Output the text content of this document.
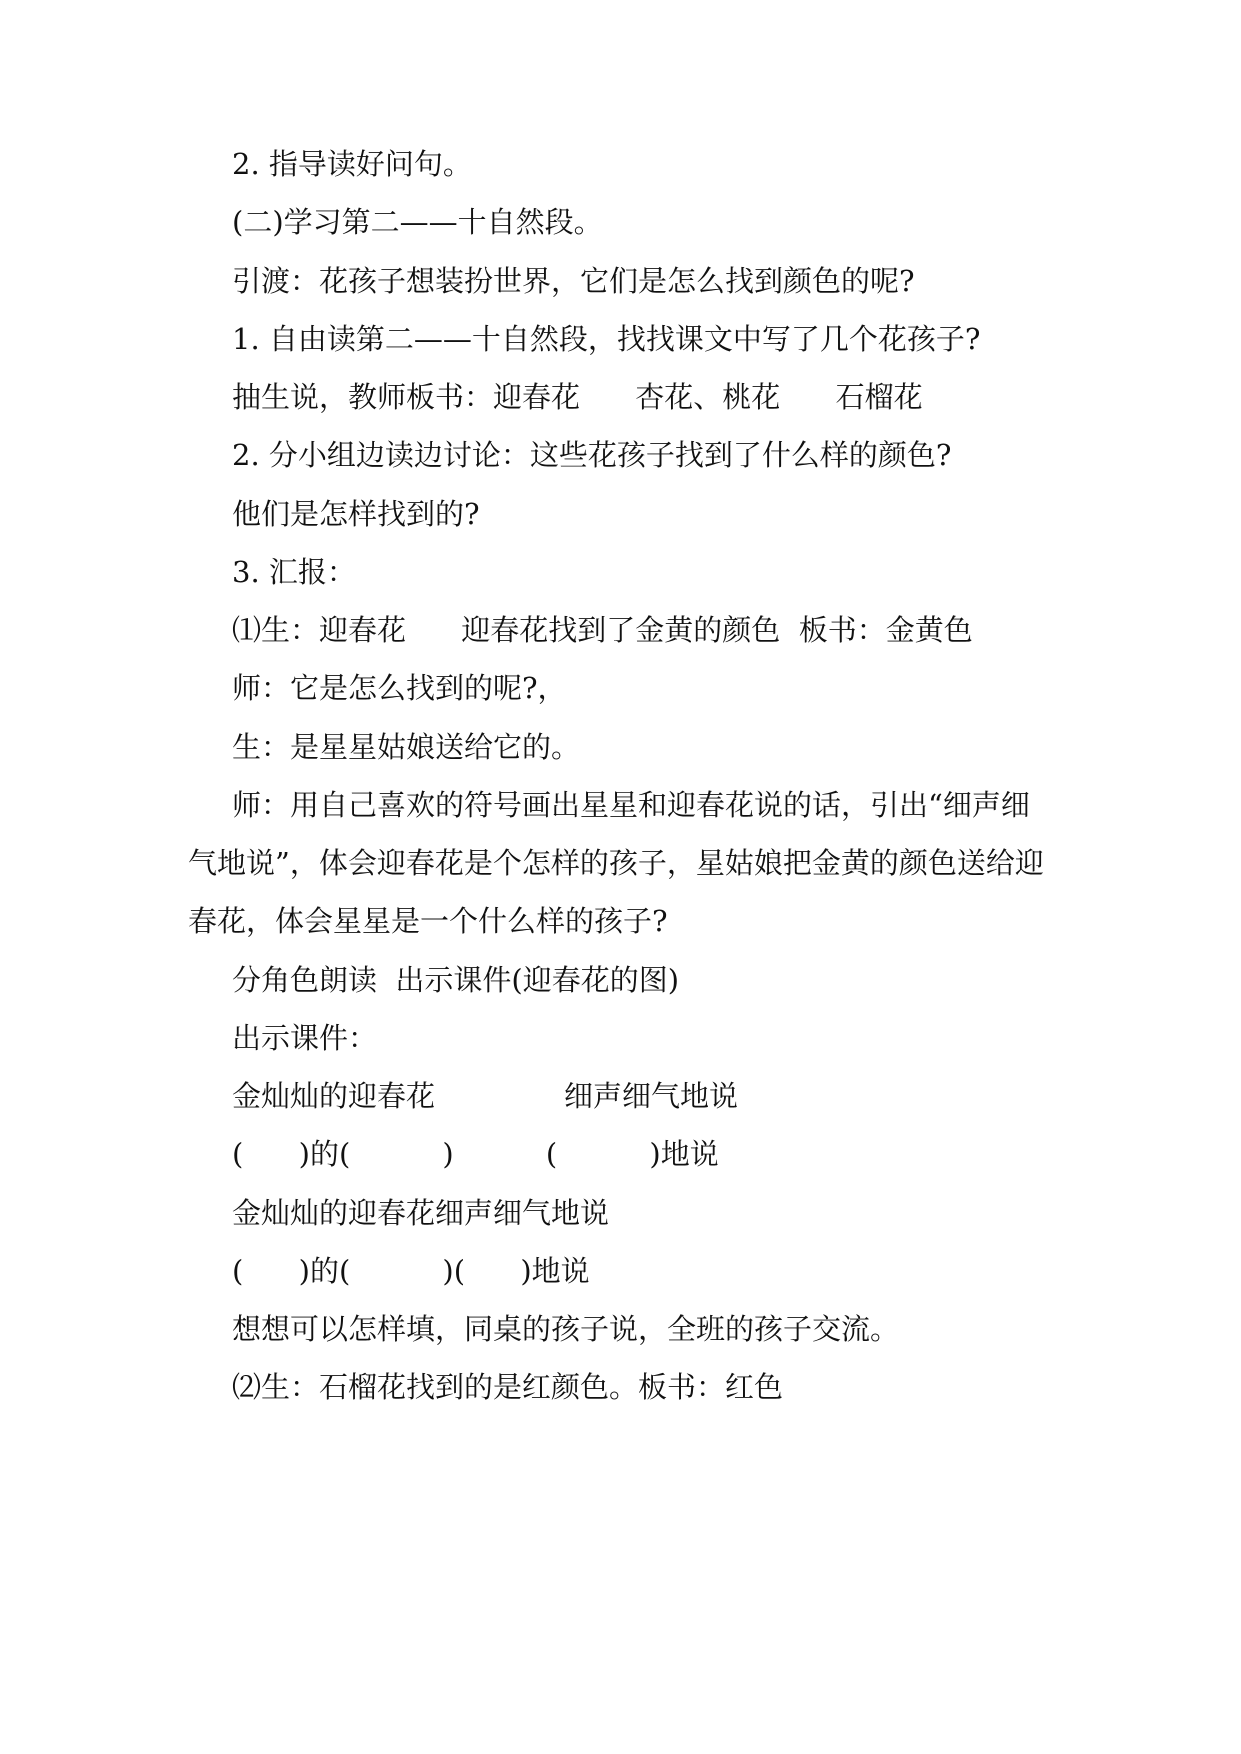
2. 指导读好问句。
(二)学习第二——十自然段。
引渡：花孩子想装扮世界，它们是怎么找到颜色的呢?
1. 自由读第二——十自然段，找找课文中写了几个花孩子?
抽生说，教师板书：迎春花      杏花、桃花      石榴花
2. 分小组边读边讨论：这些花孩子找到了什么样的颜色?
他们是怎样找到的?
3. 汇报：
⑴生：迎春花      迎春花找到了金黄的颜色  板书：金黄色
师：它是怎么找到的呢?，
生：是星星姑娘送给它的。
师：用自己喜欢的符号画出星星和迎春花说的话，引出“细声细
气地说”，体会迎春花是个怎样的孩子，星姑娘把金黄的颜色送给迎
春花，体会星星是一个什么样的孩子?
分角色朗读  出示课件(迎春花的图)
出示课件：
金灿灿的迎春花              细声细气地说
(      )的(          )          (          )地说
金灿灿的迎春花细声细气地说
(      )的(          )(      )地说
想想可以怎样填，同桌的孩子说，全班的孩子交流。
⑵生：石榴花找到的是红颜色。板书：红色
